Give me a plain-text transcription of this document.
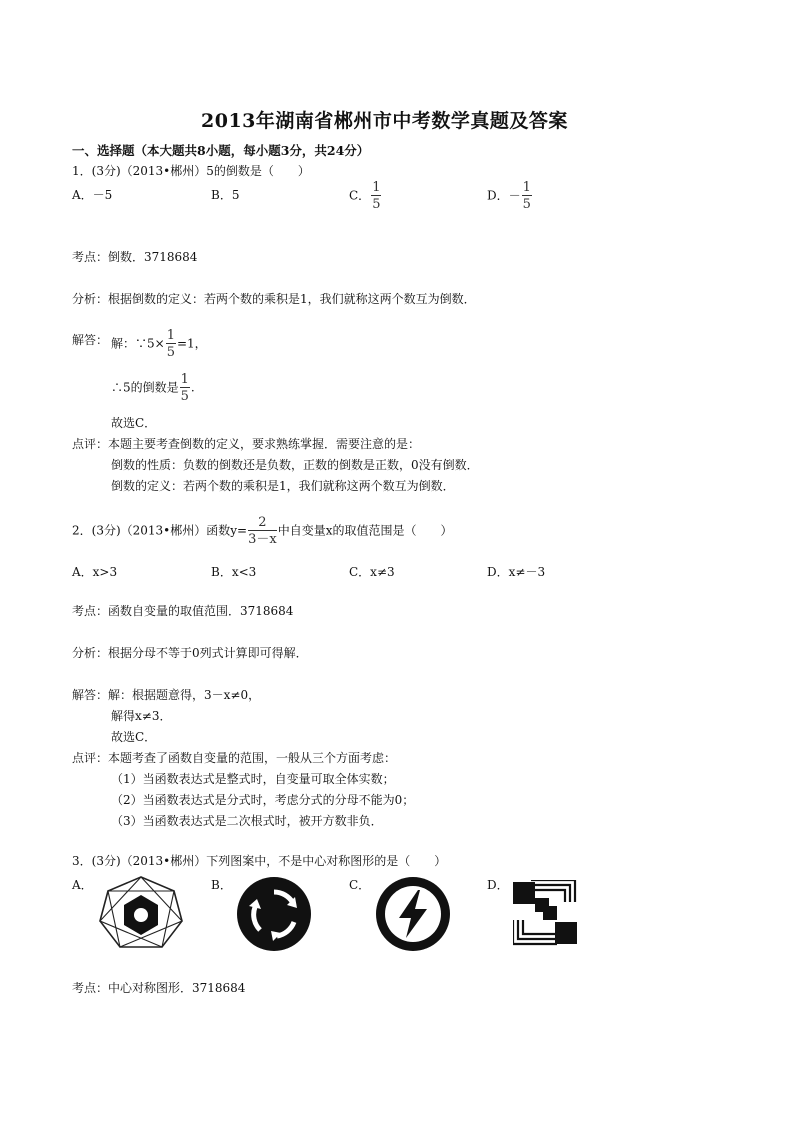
2013年湖南省郴州市中考数学真题及答案
一、选择题（本大题共8小题，每小题3分，共24分）
1．(3分)（2013•郴州）5的倒数是（　　）
A．－5	B．5	C． $\frac{1}{5}$	D．－ $\frac{1}{5}$
考点：倒数．3718684
分析：根据倒数的定义：若两个数的乘积是1，我们就称这两个数互为倒数．
解答： 解：∵5× $\frac{1}{5} =1$，
∴5的倒数是 $\frac{1}{5}$ .
故选C．
点评：本题主要考查倒数的定义，要求熟练掌握．需要注意的是：
倒数的性质：负数的倒数还是负数，正数的倒数是正数，0没有倒数．
倒数的定义：若两个数的乘积是1，我们就称这两个数互为倒数．
2．(3分)（2013•郴州）函数$y= \frac{2}{3-x}$ 中自变量x的取值范围是（　　）
A．x>3	B．x<3	C．x≠3	D．x≠－3
考点：函数自变量的取值范围．3718684
分析：根据分母不等于0列式计算即可得解．
解答：解：根据题意得，3－x≠0，
解得x≠3．
故选C．
点评：本题考查了函数自变量的范围，一般从三个方面考虑：
（1）当函数表达式是整式时，自变量可取全体实数；
（2）当函数表达式是分式时，考虑分式的分母不能为0；
（3）当函数表达式是二次根式时，被开方数非负．
3．(3分)（2013•郴州）下列图案中，不是中心对称图形的是（　　）
A．	B．	C．	D．
考点：中心对称图形．3718684
